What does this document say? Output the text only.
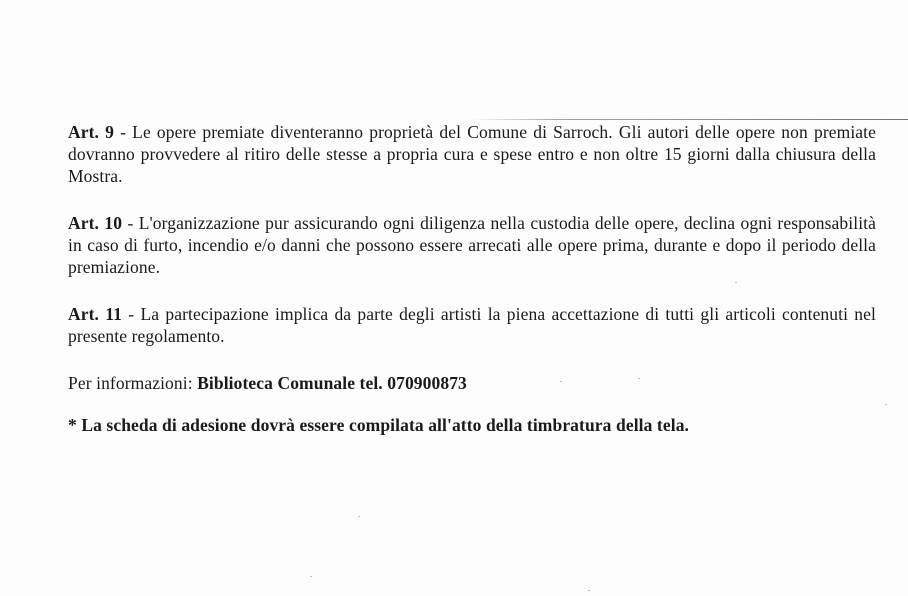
Art. 9 - Le opere premiate diventeranno proprietà del Comune di Sarroch. Gli autori delle opere non premiate dovranno provvedere al ritiro delle stesse a propria cura e spese entro e non oltre 15 giorni dalla chiusura della Mostra.

Art. 10 - L'organizzazione pur assicurando ogni diligenza nella custodia delle opere, declina ogni responsabilità in caso di furto, incendio e/o danni che possono essere arrecati alle opere prima, durante e dopo il periodo della premiazione.

Art. 11 - La partecipazione implica da parte degli artisti la piena accettazione di tutti gli articoli contenuti nel presente regolamento.

Per informazioni: Biblioteca Comunale tel. 070900873

* La scheda di adesione dovrà essere compilata all'atto della timbratura della tela.
